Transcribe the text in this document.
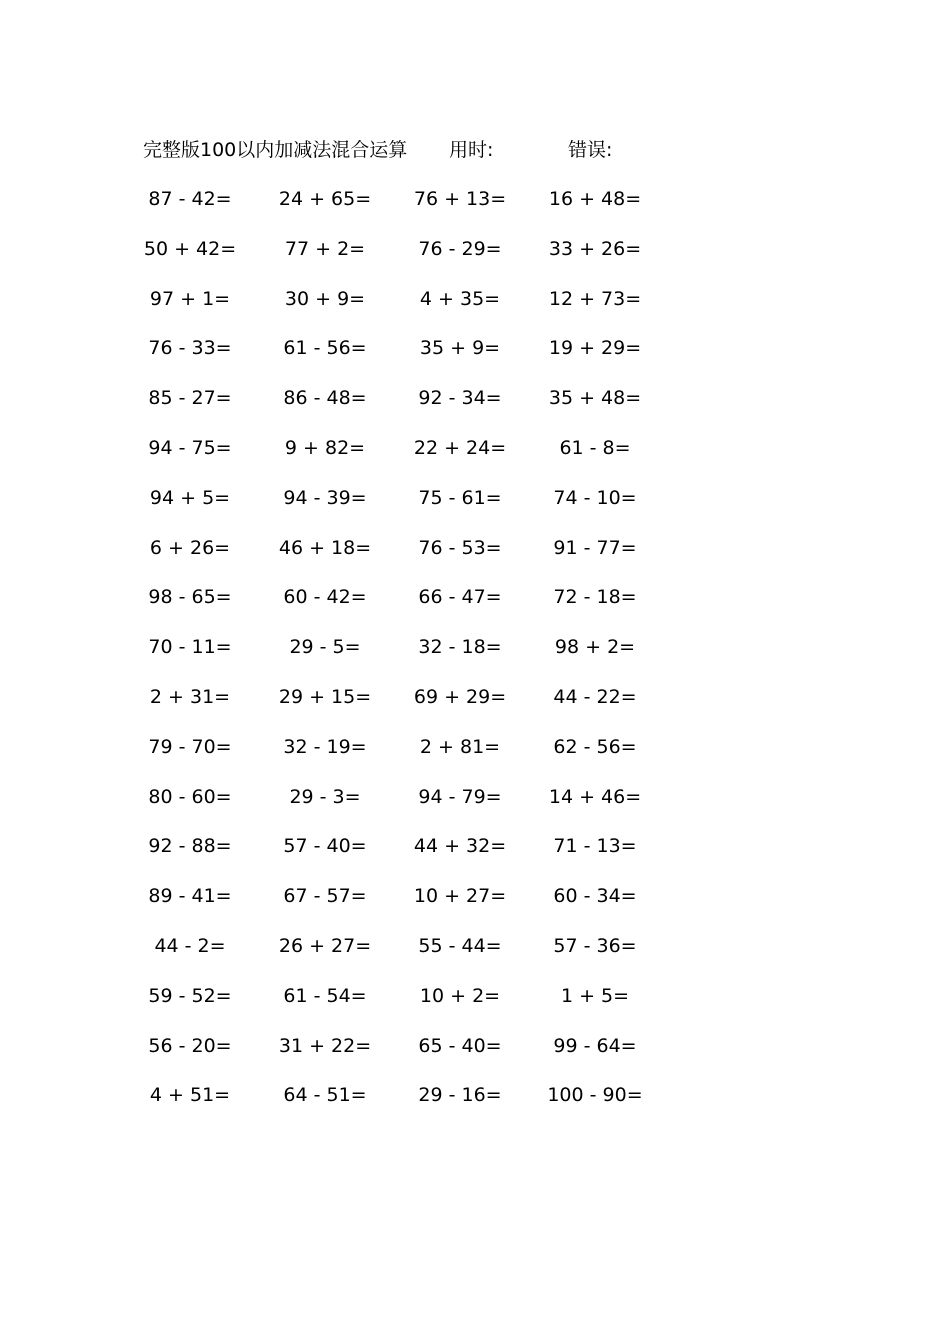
完整版100以内加减法混合运算 用时:	错误:
87 - 42=	24 + 65=	76 + 13=	16 + 48=
50 + 42=	77 + 2=	76 - 29=	33 + 26=
97 + 1=	30 + 9=	4 + 35=	12 + 73=
76 - 33=	61 - 56=	35 + 9=	19 + 29=
85 - 27=	86 - 48=	92 - 34=	35 + 48=
94 - 75=	9 + 82=	22 + 24=	61 - 8=
94 + 5=	94 - 39=	75 - 61=	74 - 10=
6 + 26=	46 + 18=	76 - 53=	91 - 77=
98 - 65=	60 - 42=	66 - 47=	72 - 18=
70 - 11=	29 - 5=	32 - 18=	98 + 2=
2 + 31=	29 + 15=	69 + 29=	44 - 22=
79 - 70=	32 - 19=	2 + 81=	62 - 56=
80 - 60=	29 - 3=	94 - 79=	14 + 46=
92 - 88=	57 - 40=	44 + 32=	71 - 13=
89 - 41=	67 - 57=	10 + 27=	60 - 34=
44 - 2=	26 + 27=	55 - 44=	57 - 36=
59 - 52=	61 - 54=	10 + 2=	1 + 5=
56 - 20=	31 + 22=	65 - 40=	99 - 64=
4 + 51=	64 - 51=	29 - 16=	100 - 90=
